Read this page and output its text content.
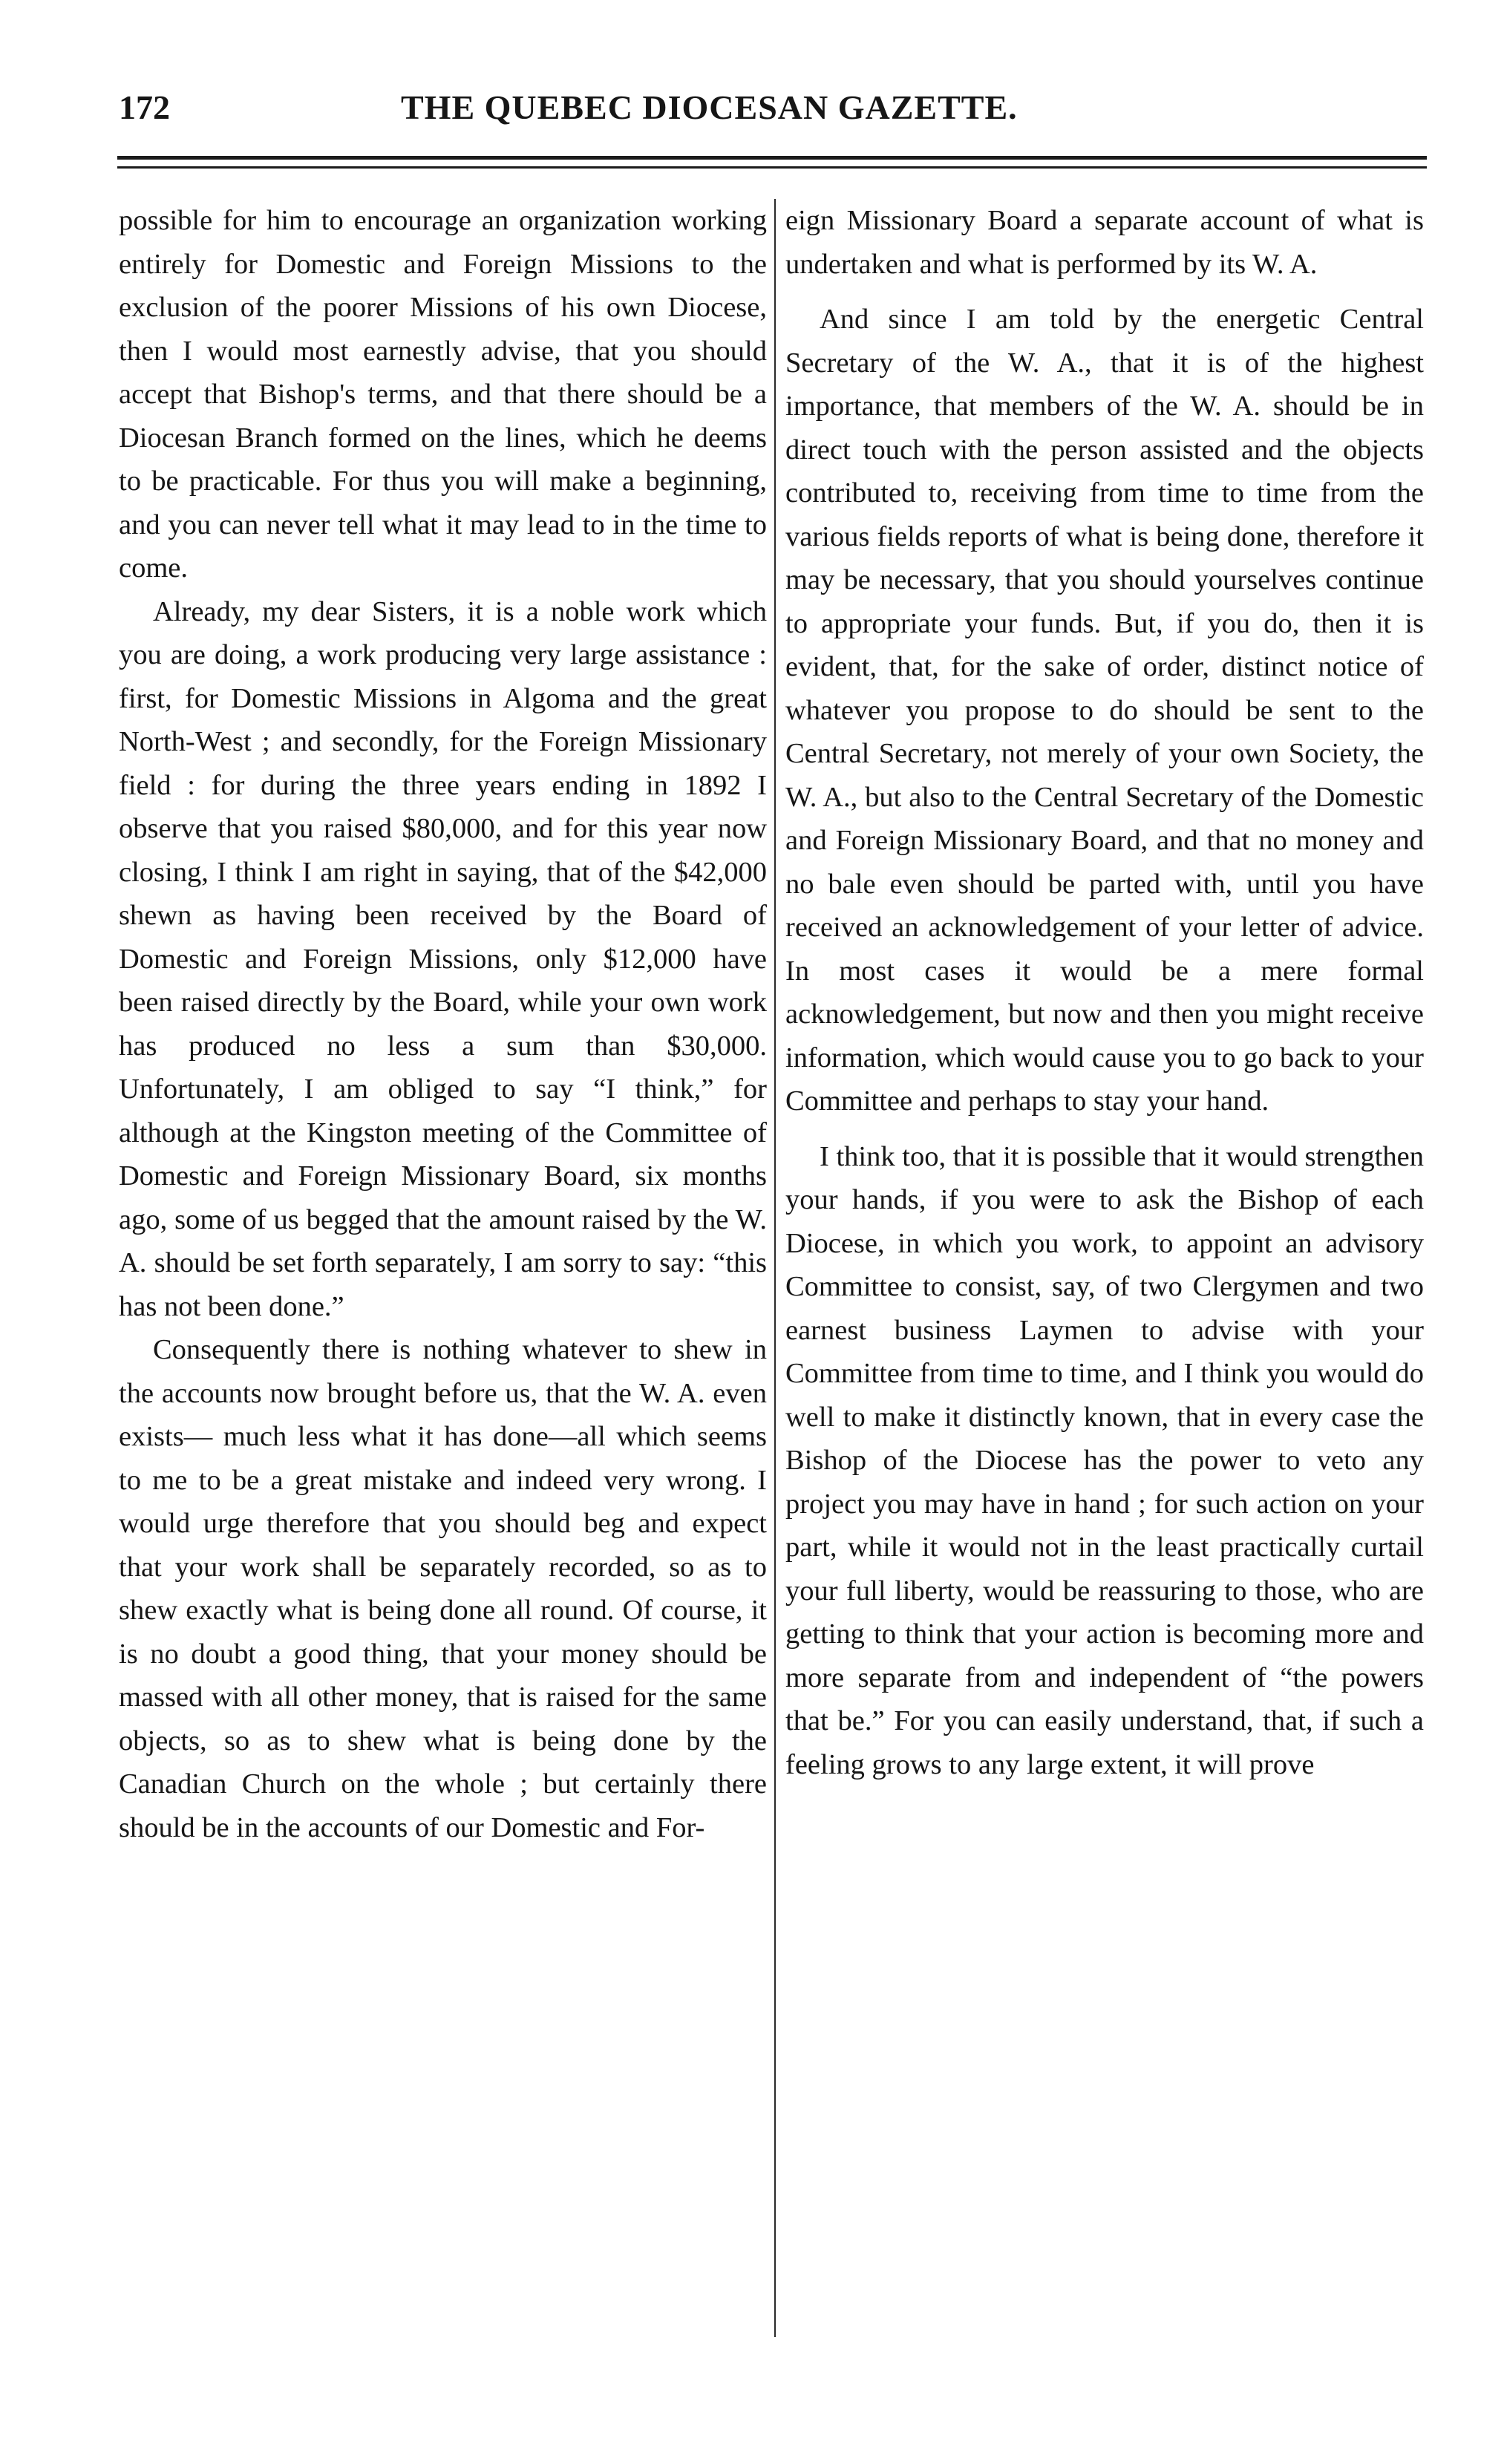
172	THE QUEBEC DIOCESAN GAZETTE.

possible for him to encourage an organization working entirely for Domestic and Foreign Missions to the exclusion of the poorer Missions of his own Diocese, then I would most earnestly advise, that you should accept that Bishop's terms, and that there should be a Diocesan Branch formed on the lines, which he deems to be practicable. For thus you will make a beginning, and you can never tell what it may lead to in the time to come.

Already, my dear Sisters, it is a noble work which you are doing, a work producing very large assistance : first, for Domestic Missions in Algoma and the great North-West ; and secondly, for the Foreign Missionary field : for during the three years ending in 1892 I observe that you raised $80,000, and for this year now closing, I think I am right in saying, that of the $42,000 shewn as having been received by the Board of Domestic and Foreign Missions, only $12,000 have been raised directly by the Board, while your own work has produced no less a sum than $30,000. Unfortunately, I am obliged to say “I think,” for although at the Kingston meeting of the Committee of Domestic and Foreign Missionary Board, six months ago, some of us begged that the amount raised by the W. A. should be set forth separately, I am sorry to say: “this has not been done.”

Consequently there is nothing whatever to shew in the accounts now brought before us, that the W. A. even exists— much less what it has done—all which seems to me to be a great mistake and indeed very wrong. I would urge therefore that you should beg and expect that your work shall be separately recorded, so as to shew exactly what is being done all round. Of course, it is no doubt a good thing, that your money should be massed with all other money, that is raised for the same objects, so as to shew what is being done by the Canadian Church on the whole ; but certainly there should be in the accounts of our Domestic and For-

eign Missionary Board a separate account of what is undertaken and what is performed by its W. A.

And since I am told by the energetic Central Secretary of the W. A., that it is of the highest importance, that members of the W. A. should be in direct touch with the person assisted and the objects contributed to, receiving from time to time from the various fields reports of what is being done, therefore it may be necessary, that you should yourselves continue to appropriate your funds. But, if you do, then it is evident, that, for the sake of order, distinct notice of whatever you propose to do should be sent to the Central Secretary, not merely of your own Society, the W. A., but also to the Central Secretary of the Domestic and Foreign Missionary Board, and that no money and no bale even should be parted with, until you have received an acknowledgement of your letter of advice. In most cases it would be a mere formal acknowledgement, but now and then you might receive information, which would cause you to go back to your Committee and perhaps to stay your hand.

I think too, that it is possible that it would strengthen your hands, if you were to ask the Bishop of each Diocese, in which you work, to appoint an advisory Committee to consist, say, of two Clergymen and two earnest business Laymen to advise with your Committee from time to time, and I think you would do well to make it distinctly known, that in every case the Bishop of the Diocese has the power to veto any project you may have in hand ; for such action on your part, while it would not in the least practically curtail your full liberty, would be reassuring to those, who are getting to think that your action is becoming more and more separate from and independent of “the powers that be.” For you can easily understand, that, if such a feeling grows to any large extent, it will prove
